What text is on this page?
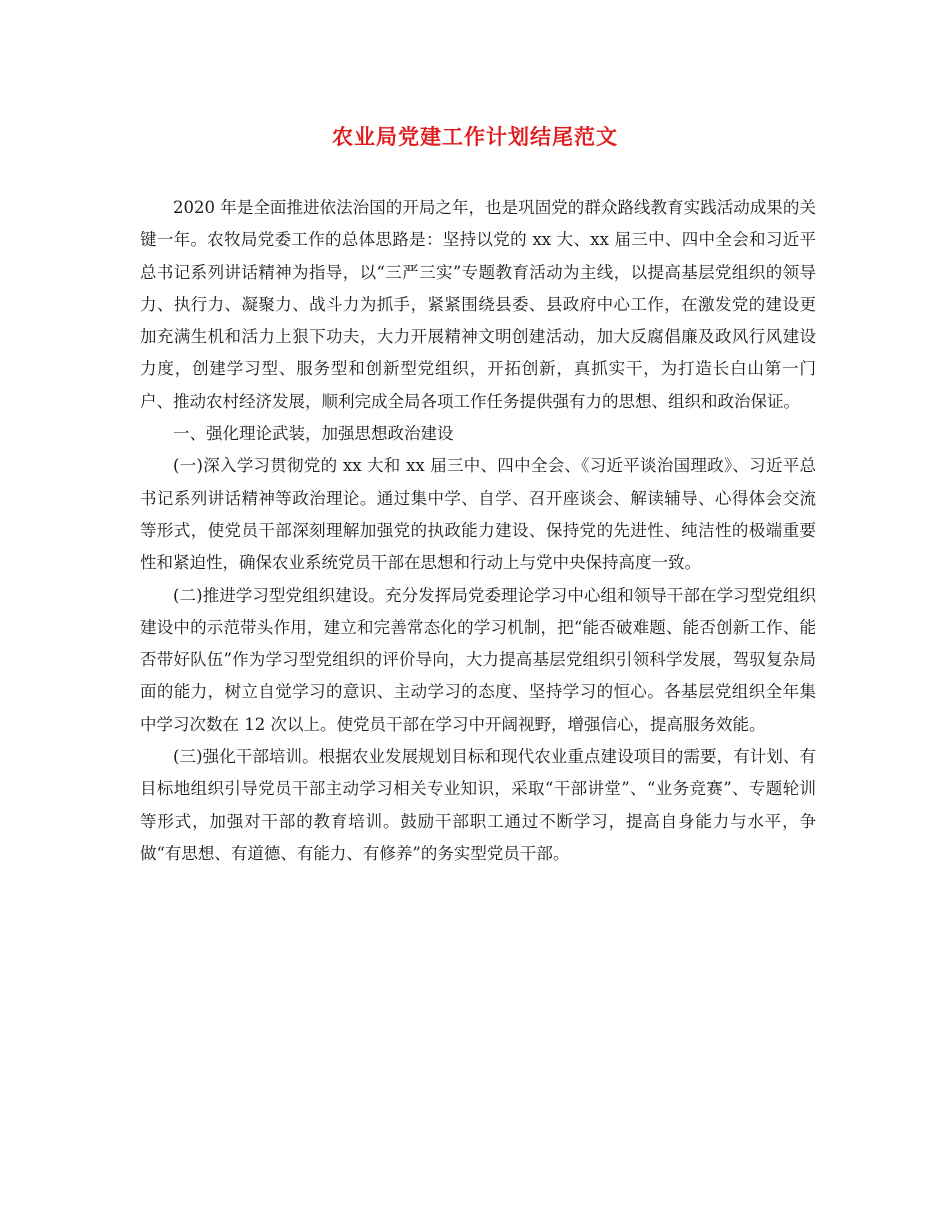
农业局党建工作计划结尾范文

2020 年是全面推进依法治国的开局之年，也是巩固党的群众路线教育实践活动成果的关键一年。农牧局党委工作的总体思路是：坚持以党的 xx 大、xx 届三中、四中全会和习近平总书记系列讲话精神为指导，以“三严三实”专题教育活动为主线，以提高基层党组织的领导力、执行力、凝聚力、战斗力为抓手，紧紧围绕县委、县政府中心工作，在激发党的建设更加充满生机和活力上狠下功夫，大力开展精神文明创建活动，加大反腐倡廉及政风行风建设力度，创建学习型、服务型和创新型党组织，开拓创新，真抓实干，为打造长白山第一门户、推动农村经济发展，顺利完成全局各项工作任务提供强有力的思想、组织和政治保证。

一、强化理论武装，加强思想政治建设

(一)深入学习贯彻党的 xx 大和 xx 届三中、四中全会、《习近平谈治国理政》、习近平总书记系列讲话精神等政治理论。通过集中学、自学、召开座谈会、解读辅导、心得体会交流等形式，使党员干部深刻理解加强党的执政能力建设、保持党的先进性、纯洁性的极端重要性和紧迫性，确保农业系统党员干部在思想和行动上与党中央保持高度一致。

(二)推进学习型党组织建设。充分发挥局党委理论学习中心组和领导干部在学习型党组织建设中的示范带头作用，建立和完善常态化的学习机制，把“能否破难题、能否创新工作、能否带好队伍”作为学习型党组织的评价导向，大力提高基层党组织引领科学发展，驾驭复杂局面的能力，树立自觉学习的意识、主动学习的态度、坚持学习的恒心。各基层党组织全年集中学习次数在 12 次以上。使党员干部在学习中开阔视野，增强信心，提高服务效能。

(三)强化干部培训。根据农业发展规划目标和现代农业重点建设项目的需要，有计划、有目标地组织引导党员干部主动学习相关专业知识，采取“干部讲堂”、“业务竞赛”、专题轮训等形式，加强对干部的教育培训。鼓励干部职工通过不断学习，提高自身能力与水平，争做“有思想、有道德、有能力、有修养”的务实型党员干部。
